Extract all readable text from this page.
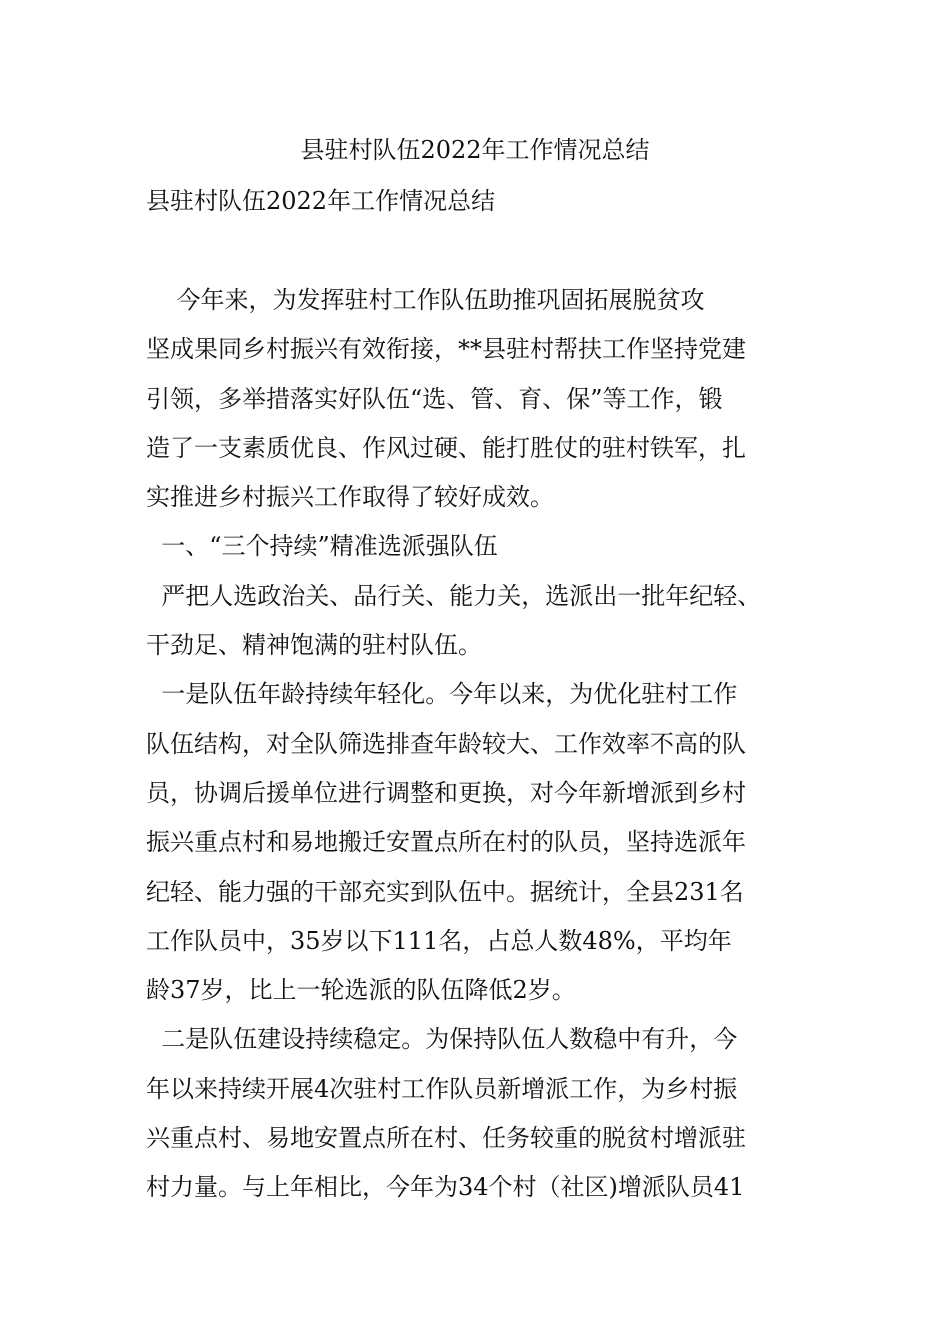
县驻村队伍2022年工作情况总结
县驻村队伍2022年工作情况总结
今年来，为发挥驻村工作队伍助推巩固拓展脱贫攻
坚成果同乡村振兴有效衔接，**县驻村帮扶工作坚持党建
引领，多举措落实好队伍“选、管、育、保”等工作，锻
造了一支素质优良、作风过硬、能打胜仗的驻村铁军，扎
实推进乡村振兴工作取得了较好成效。
一、“三个持续”精准选派强队伍
严把人选政治关、品行关、能力关，选派出一批年纪轻、
干劲足、精神饱满的驻村队伍。
一是队伍年龄持续年轻化。今年以来，为优化驻村工作
队伍结构，对全队筛选排查年龄较大、工作效率不高的队
员，协调后援单位进行调整和更换，对今年新增派到乡村
振兴重点村和易地搬迁安置点所在村的队员，坚持选派年
纪轻、能力强的干部充实到队伍中。据统计，全县231名
工作队员中，35岁以下111名，占总人数48%，平均年
龄37岁，比上一轮选派的队伍降低2岁。
二是队伍建设持续稳定。为保持队伍人数稳中有升，今
年以来持续开展4次驻村工作队员新增派工作，为乡村振
兴重点村、易地安置点所在村、任务较重的脱贫村增派驻
村力量。与上年相比，今年为34个村（社区)增派队员41
